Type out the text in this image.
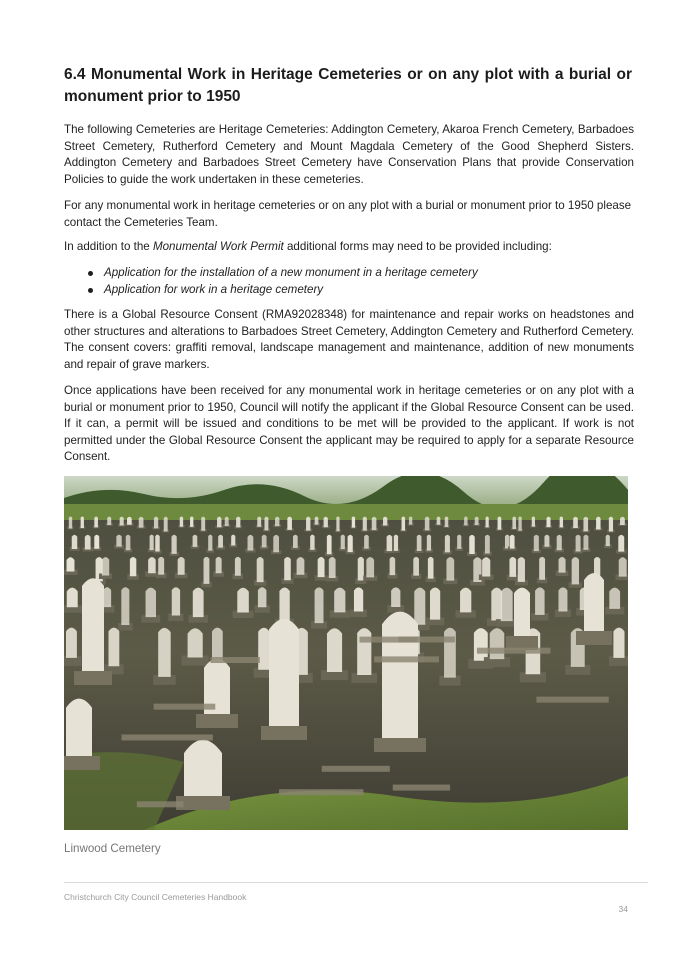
6.4 Monumental Work in Heritage Cemeteries or on any plot with a burial or monument prior to 1950

The following Cemeteries are Heritage Cemeteries: Addington Cemetery, Akaroa French Cemetery, Barbadoes Street Cemetery, Rutherford Cemetery and Mount Magdala Cemetery of the Good Shepherd Sisters. Addington Cemetery and Barbadoes Street Cemetery have Conservation Plans that provide Conservation Policies to guide the work undertaken in these cemeteries.

For any monumental work in heritage cemeteries or on any plot with a burial or monument prior to 1950 please contact the Cemeteries Team.

In addition to the Monumental Work Permit additional forms may need to be provided including:

Application for the installation of a new monument in a heritage cemetery
Application for work in a heritage cemetery

There is a Global Resource Consent (RMA92028348) for maintenance and repair works on headstones and other structures and alterations to Barbadoes Street Cemetery, Addington Cemetery and Rutherford Cemetery. The consent covers: graffiti removal, landscape management and maintenance, addition of new monuments and repair of grave markers.

Once applications have been received for any monumental work in heritage cemeteries or on any plot with a burial or monument prior to 1950, Council will notify the applicant if the Global Resource Consent can be used. If it can, a permit will be issued and conditions to be met will be provided to the applicant. If work is not permitted under the Global Resource Consent the applicant may be required to apply for a separate Resource Consent.

Linwood Cemetery

Christchurch City Council Cemeteries Handbook
34
